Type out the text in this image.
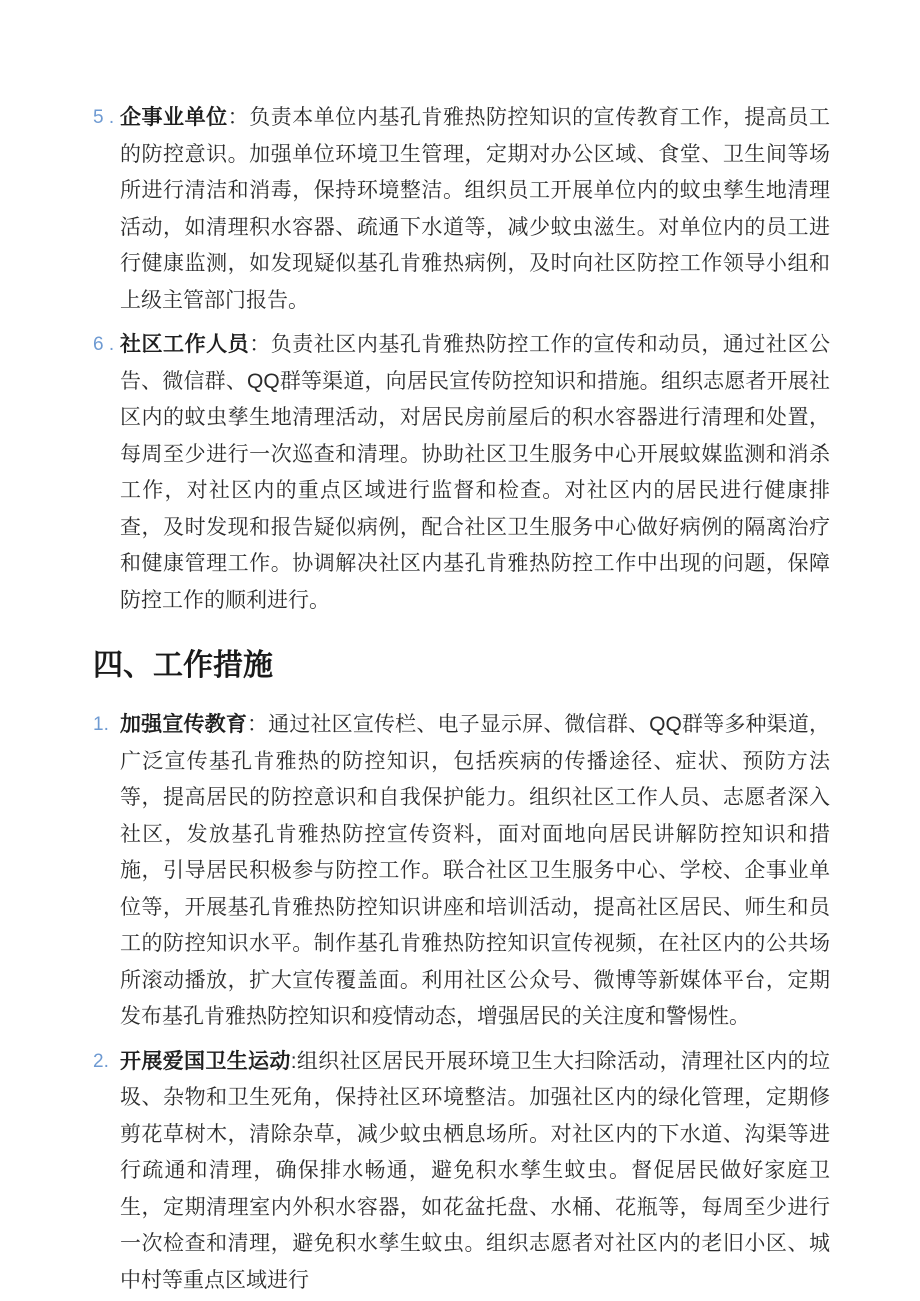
5 . 企事业单位：负责本单位内基孔肯雅热防控知识的宣传教育工作，提高员工的防控意识。加强单位环境卫生管理，定期对办公区域、食堂、卫生间等场所进行清洁和消毒，保持环境整洁。组织员工开展单位内的蚊虫孳生地清理活动，如清理积水容器、疏通下水道等，减少蚊虫滋生。对单位内的员工进行健康监测，如发现疑似基孔肯雅热病例，及时向社区防控工作领导小组和上级主管部门报告。
6 . 社区工作人员：负责社区内基孔肯雅热防控工作的宣传和动员，通过社区公告、微信群、QQ群等渠道，向居民宣传防控知识和措施。组织志愿者开展社区内的蚊虫孳生地清理活动，对居民房前屋后的积水容器进行清理和处置，每周至少进行一次巡查和清理。协助社区卫生服务中心开展蚊媒监测和消杀工作，对社区内的重点区域进行监督和检查。对社区内的居民进行健康排查，及时发现和报告疑似病例，配合社区卫生服务中心做好病例的隔离治疗和健康管理工作。协调解决社区内基孔肯雅热防控工作中出现的问题，保障防控工作的顺利进行。
四、工作措施
1. 加强宣传教育：通过社区宣传栏、电子显示屏、微信群、QQ群等多种渠道，广泛宣传基孔肯雅热的防控知识，包括疾病的传播途径、症状、预防方法等，提高居民的防控意识和自我保护能力。组织社区工作人员、志愿者深入社区，发放基孔肯雅热防控宣传资料，面对面地向居民讲解防控知识和措施，引导居民积极参与防控工作。联合社区卫生服务中心、学校、企事业单位等，开展基孔肯雅热防控知识讲座和培训活动，提高社区居民、师生和员工的防控知识水平。制作基孔肯雅热防控知识宣传视频，在社区内的公共场所滚动播放，扩大宣传覆盖面。利用社区公众号、微博等新媒体平台，定期发布基孔肯雅热防控知识和疫情动态，增强居民的关注度和警惕性。
2. 开展爱国卫生运动:组织社区居民开展环境卫生大扫除活动，清理社区内的垃圾、杂物和卫生死角，保持社区环境整洁。加强社区内的绿化管理，定期修剪花草树木，清除杂草，减少蚊虫栖息场所。对社区内的下水道、沟渠等进行疏通和清理，确保排水畅通，避免积水孳生蚊虫。督促居民做好家庭卫生，定期清理室内外积水容器，如花盆托盘、水桶、花瓶等，每周至少进行一次检查和清理，避免积水孳生蚊虫。组织志愿者对社区内的老旧小区、城中村等重点区域进行
